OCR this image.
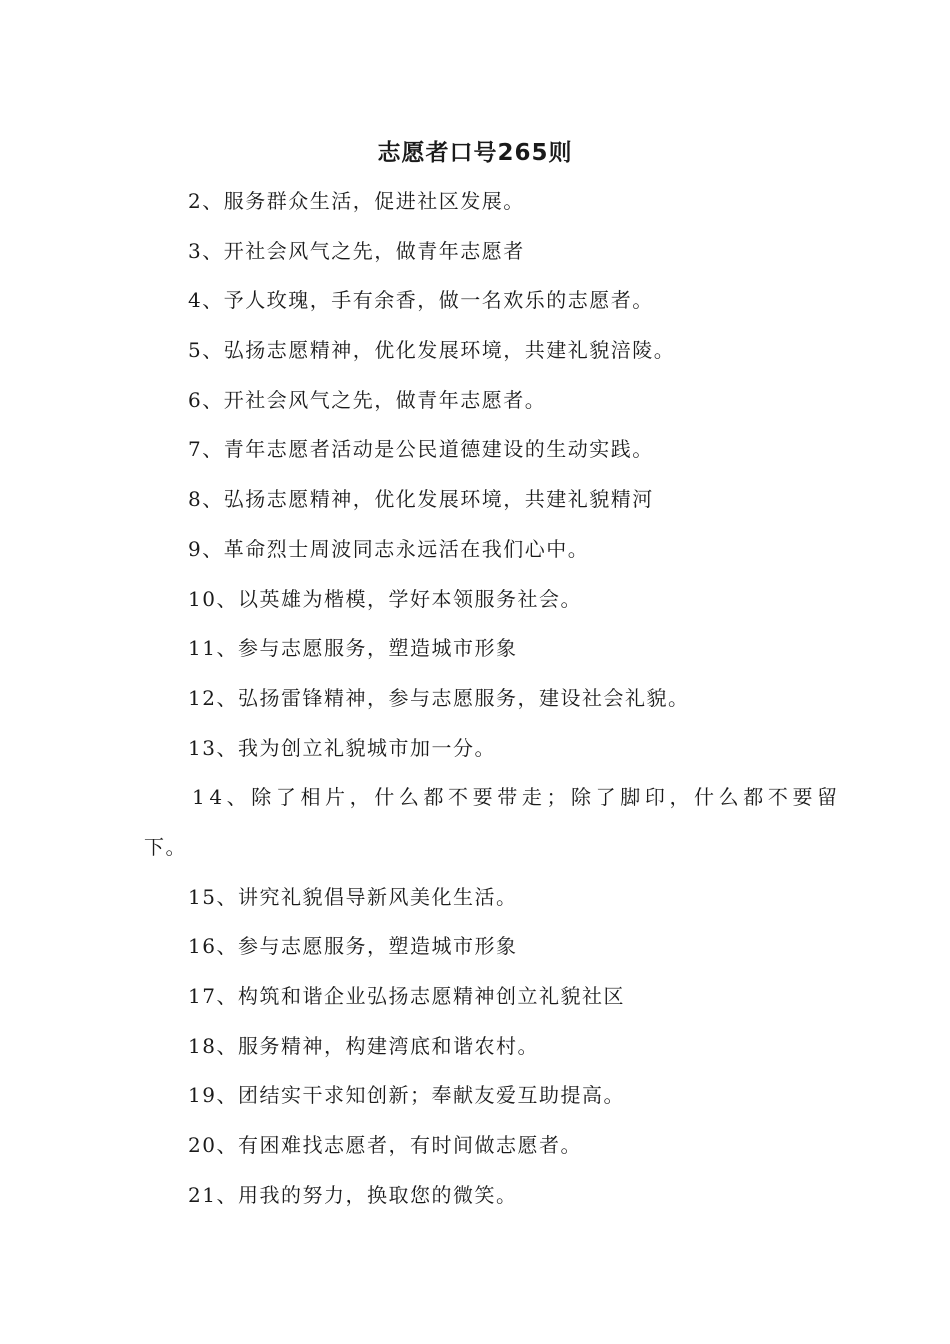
志愿者口号265则
2、服务群众生活，促进社区发展。
3、开社会风气之先，做青年志愿者
4、予人玫瑰，手有余香，做一名欢乐的志愿者。
5、弘扬志愿精神，优化发展环境，共建礼貌涪陵。
6、开社会风气之先，做青年志愿者。
7、青年志愿者活动是公民道德建设的生动实践。
8、弘扬志愿精神，优化发展环境，共建礼貌精河
9、革命烈士周波同志永远活在我们心中。
10、以英雄为楷模，学好本领服务社会。
11、参与志愿服务，塑造城市形象
12、弘扬雷锋精神，参与志愿服务，建设社会礼貌。
13、我为创立礼貌城市加一分。
14、除了相片，什么都不要带走；除了脚印，什么都不要留
下。
15、讲究礼貌倡导新风美化生活。
16、参与志愿服务，塑造城市形象
17、构筑和谐企业弘扬志愿精神创立礼貌社区
18、服务精神，构建湾底和谐农村。
19、团结实干求知创新；奉献友爱互助提高。
20、有困难找志愿者，有时间做志愿者。
21、用我的努力，换取您的微笑。
